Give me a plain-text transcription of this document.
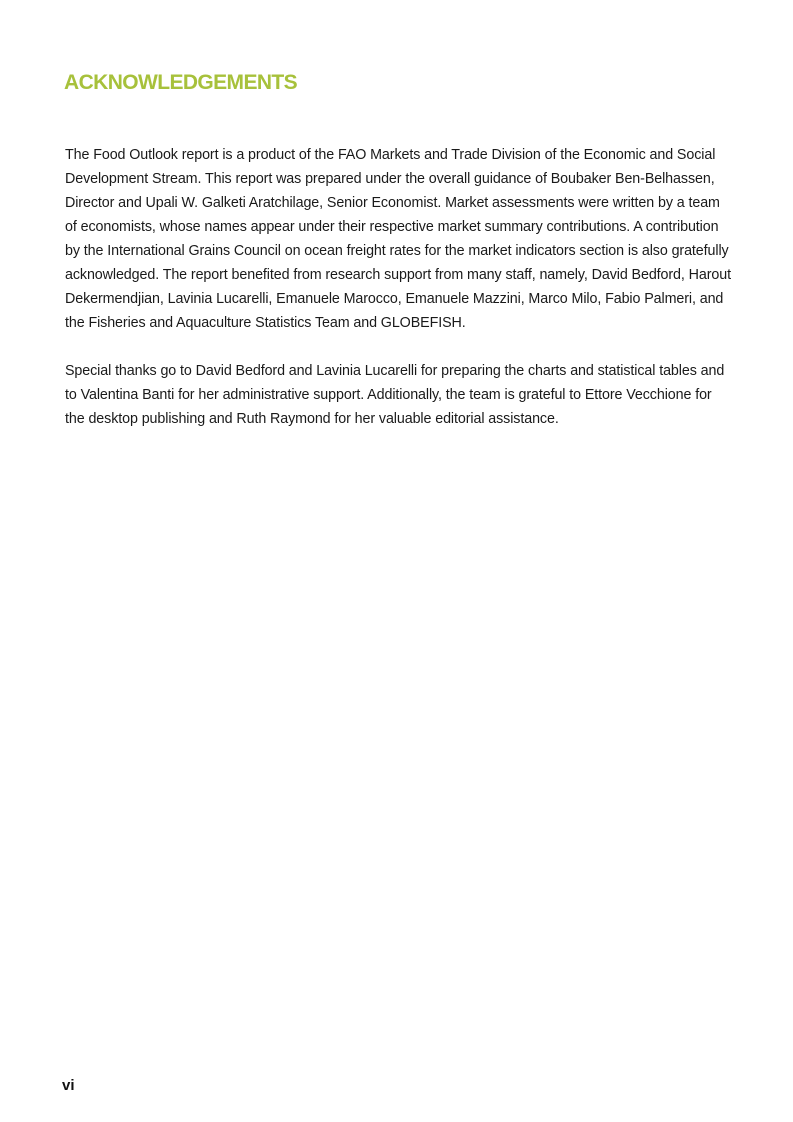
ACKNOWLEDGEMENTS

The Food Outlook report is a product of the FAO Markets and Trade Division of the Economic and Social Development Stream. This report was prepared under the overall guidance of Boubaker Ben-Belhassen, Director and Upali W. Galketi Aratchilage, Senior Economist. Market assessments were written by a team of economists, whose names appear under their respective market summary contributions. A contribution by the International Grains Council on ocean freight rates for the market indicators section is also gratefully acknowledged. The report benefited from research support from many staff, namely, David Bedford, Harout Dekermendjian, Lavinia Lucarelli, Emanuele Marocco, Emanuele Mazzini, Marco Milo, Fabio Palmeri, and the Fisheries and Aquaculture Statistics Team and GLOBEFISH.

Special thanks go to David Bedford and Lavinia Lucarelli for preparing the charts and statistical tables and to Valentina Banti for her administrative support. Additionally, the team is grateful to Ettore Vecchione for the desktop publishing and Ruth Raymond for her valuable editorial assistance.

vi
